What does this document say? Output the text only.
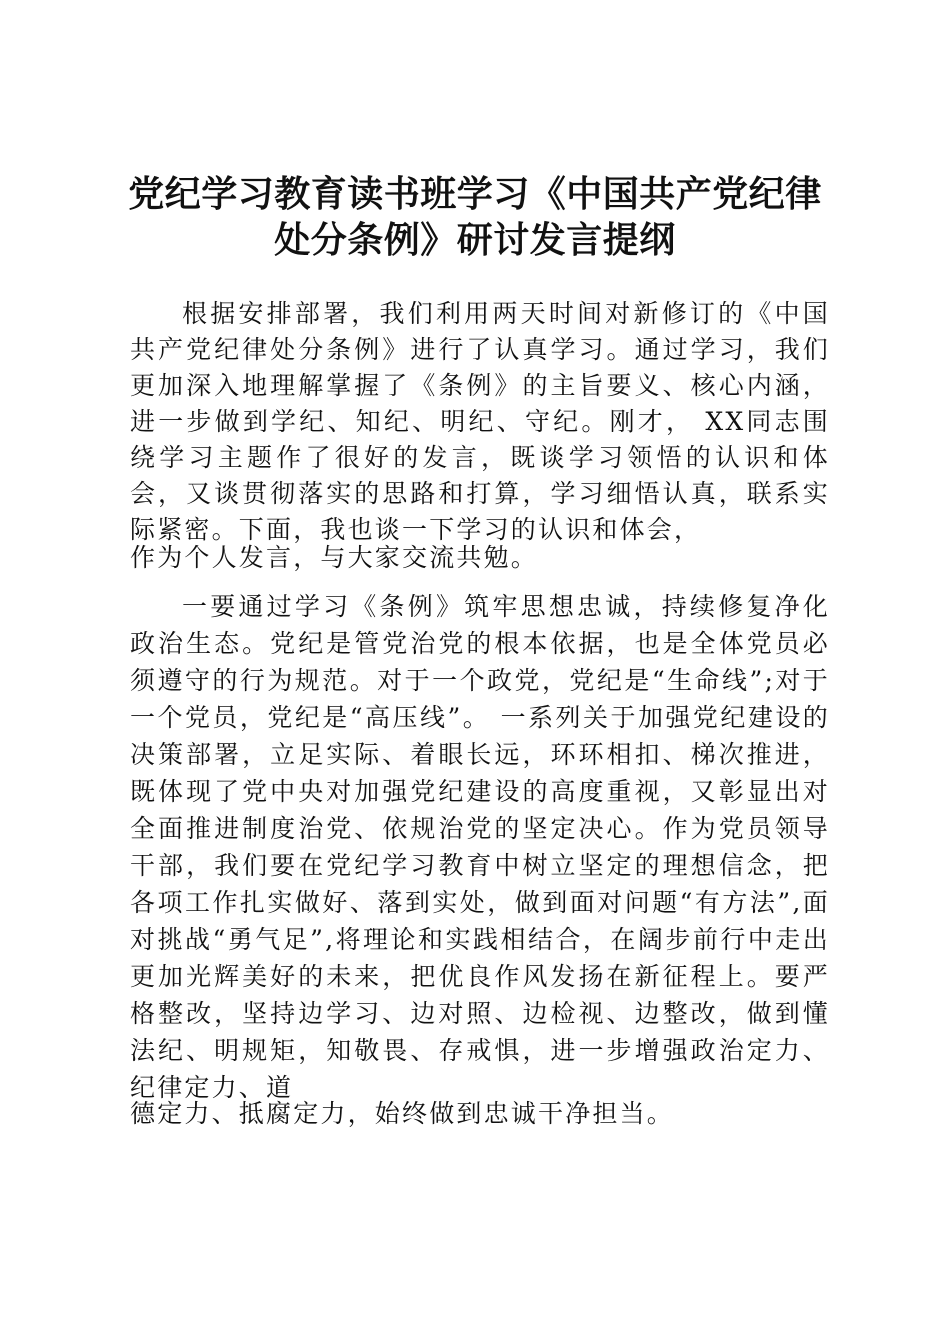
党纪学习教育读书班学习《中国共产党纪律处分条例》研讨发言提纲

根据安排部署，我们利用两天时间对新修订的《中国共产党纪律处分条例》进行了认真学习。通过学习，我们更加深入地理解掌握了《条例》的主旨要义、核心内涵，进一步做到学纪、知纪、明纪、守纪。刚才， XX同志围绕学习主题作了很好的发言，既谈学习领悟的认识和体会，又谈贯彻落实的思路和打算，学习细悟认真，联系实际紧密。下面，我也谈一下学习的认识和体会，

作为个人发言，与大家交流共勉。

一要通过学习《条例》筑牢思想忠诚，持续修复净化政治生态。党纪是管党治党的根本依据，也是全体党员必须遵守的行为规范。对于一个政党，党纪是“生命线”;对于一个党员，党纪是“高压线”。 一系列关于加强党纪建设的决策部署，立足实际、着眼长远，环环相扣、梯次推进，既体现了党中央对加强党纪建设的高度重视，又彰显出对全面推进制度治党、依规治党的坚定决心。作为党员领导干部，我们要在党纪学习教育中树立坚定的理想信念，把各项工作扎实做好、落到实处，做到面对问题“有方法”,面对挑战“勇气足”,将理论和实践相结合，在阔步前行中走出更加光辉美好的未来，把优良作风发扬在新征程上。要严格整改，坚持边学习、边对照、边检视、边整改，做到懂法纪、明规矩，知敬畏、存戒惧，进一步增强政治定力、纪律定力、道

德定力、抵腐定力，始终做到忠诚干净担当。
